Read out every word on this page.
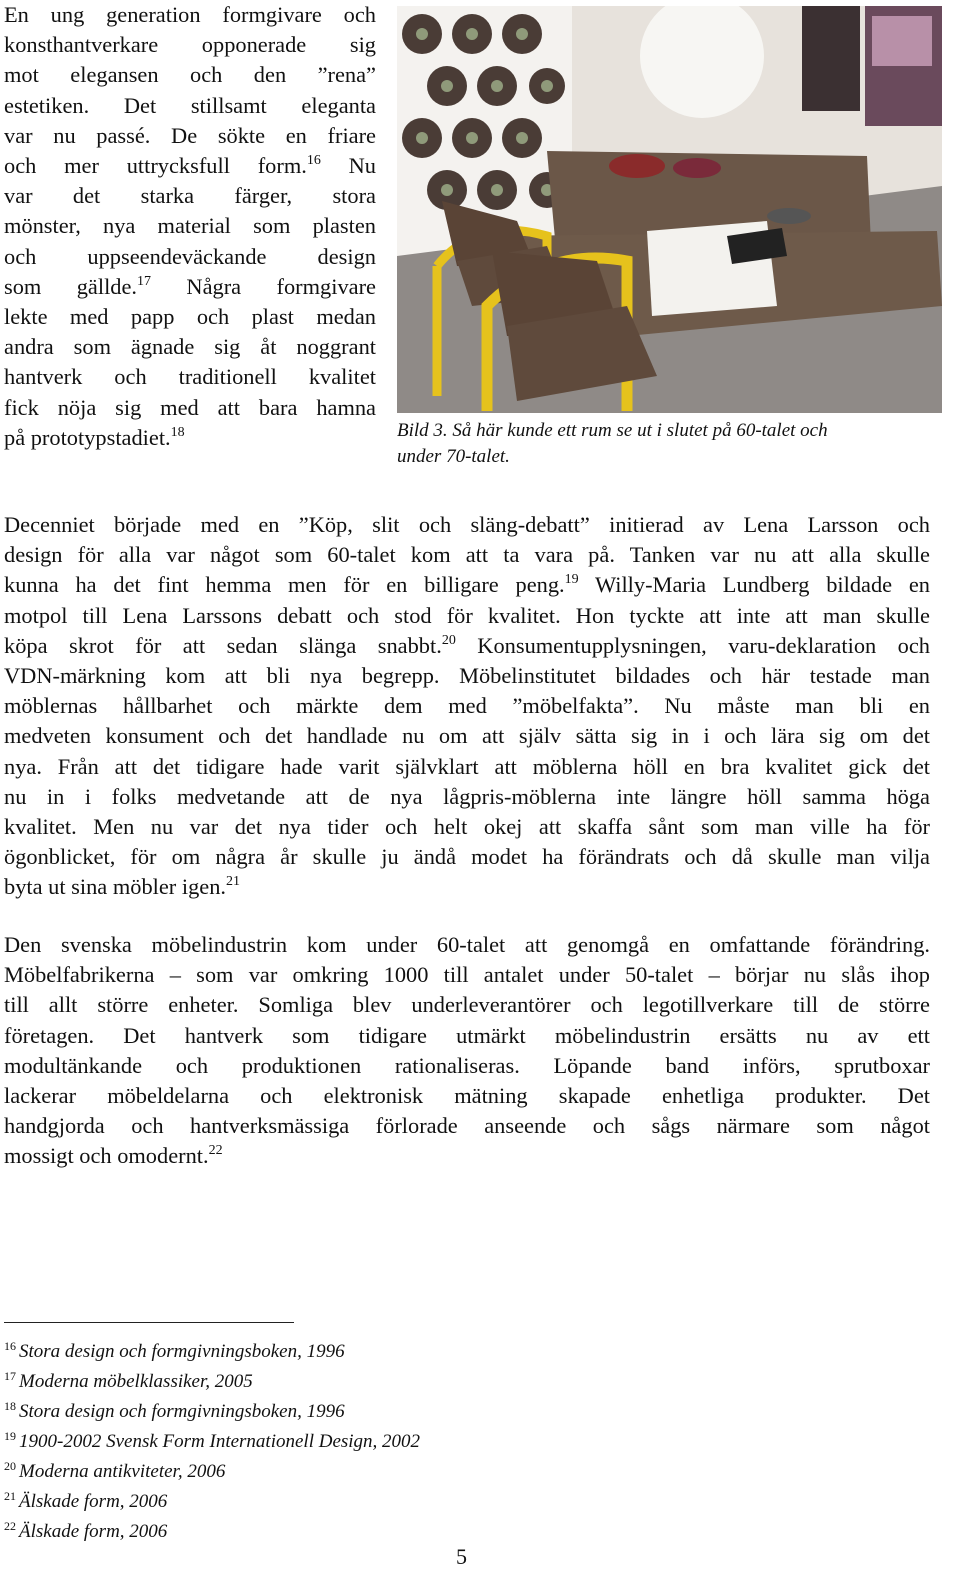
En ung generation formgivare och
konsthantverkare opponerade sig
mot elegansen och den ”rena”
estetiken. Det stillsamt eleganta
var nu passé. De sökte en friare
och mer uttrycksfull form.$^{16}$ Nu
var det starka färger, stora
mönster, nya material som plasten
och uppseendeväckande design
som gällde.$^{17}$ Några formgivare
lekte med papp och plast medan
andra som ägnade sig åt noggrant
hantverk och traditionell kvalitet
fick nöja sig med att bara hamna
på prototypstadiet.$^{18}$	Bild 3. Så här kunde ett rum se ut i slutet på 60-talet och
under 70-talet.
Decenniet började med en ”Köp, slit och släng-debatt” initierad av Lena Larsson och
design för alla var något som 60-talet kom att ta vara på. Tanken var nu att alla skulle
kunna ha det fint hemma men för en billigare peng.$^{19}$ Willy-Maria Lundberg bildade en
motpol till Lena Larssons debatt och stod för kvalitet. Hon tyckte att inte att man skulle
köpa skrot för att sedan slänga snabbt.$^{20}$ Konsumentupplysningen, varu-deklaration och
VDN-märkning kom att bli nya begrepp. Möbelinstitutet bildades och här testade man
möblernas hållbarhet och märkte dem med ”möbelfakta”. Nu måste man bli en
medveten konsument och det handlade nu om att själv sätta sig in i och lära sig om det
nya. Från att det tidigare hade varit självklart att möblerna höll en bra kvalitet gick det
nu in i folks medvetande att de nya lågpris-möblerna inte längre höll samma höga
kvalitet. Men nu var det nya tider och helt okej att skaffa sånt som man ville ha för
ögonblicket, för om några år skulle ju ändå modet ha förändrats och då skulle man vilja
byta ut sina möbler igen.$^{21}$
Den svenska möbelindustrin kom under 60-talet att genomgå en omfattande förändring.
Möbelfabrikerna – som var omkring 1000 till antalet under 50-talet – börjar nu slås ihop
till allt större enheter. Somliga blev underleverantörer och legotillverkare till de större
företagen. Det hantverk som tidigare utmärkt möbelindustrin ersätts nu av ett
modultänkande och produktionen rationaliseras. Löpande band införs, sprutboxar
lackerar möbeldelarna och elektronisk mätning skapade enhetliga produkter. Det
handgjorda och hantverksmässiga förlorade anseende och sågs närmare som något
mossigt och omodernt.$^{22}$
$^{16}$ Stora design och formgivningsboken, 1996
$^{17}$ Moderna möbelklassiker, 2005
$^{18}$ Stora design och formgivningsboken, 1996
$^{19}$ 1900-2002 Svensk Form Internationell Design, 2002
$^{20}$ Moderna antikviteter, 2006
$^{21}$ Älskade form, 2006
$^{22}$ Älskade form, 2006
5
